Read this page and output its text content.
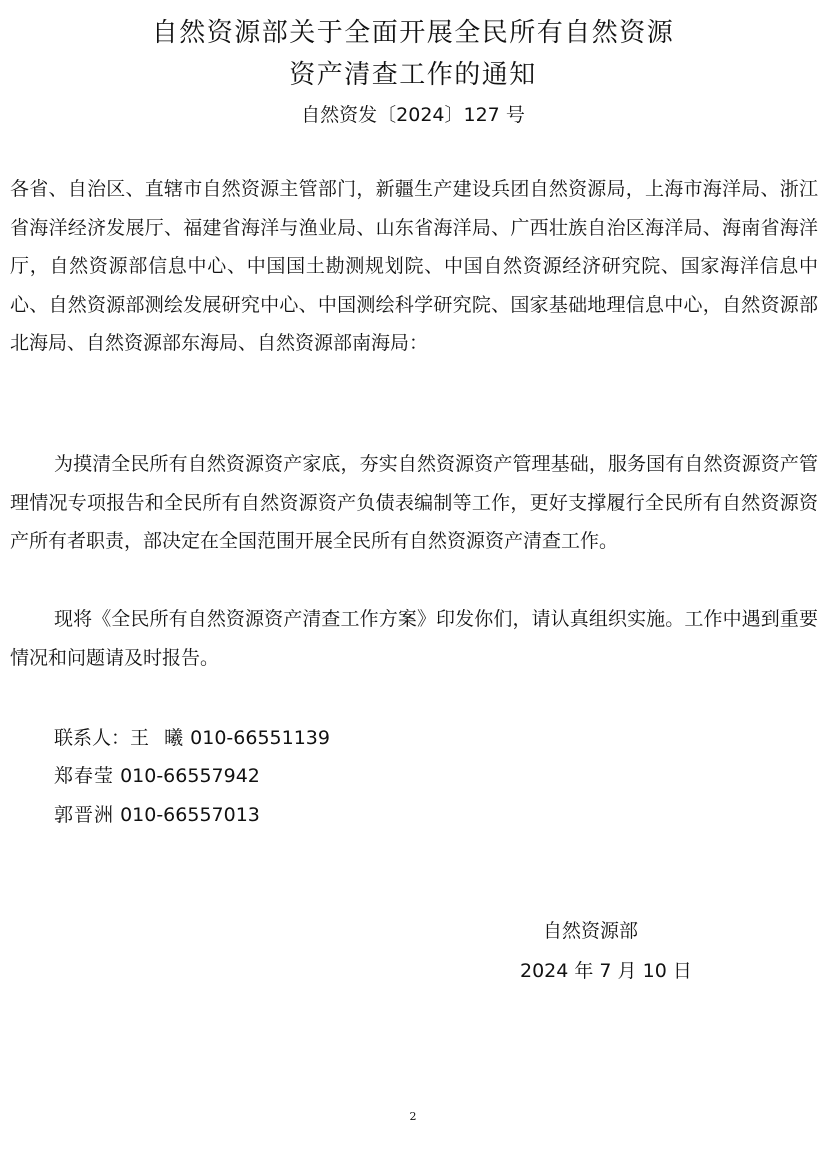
自然资源部关于全面开展全民所有自然资源
资产清查工作的通知
自然资发〔2024〕127 号

各省、自治区、直辖市自然资源主管部门，新疆生产建设兵团自然资源局，上海市海洋局、浙江省海洋经济发展厅、福建省海洋与渔业局、山东省海洋局、广西壮族自治区海洋局、海南省海洋厅，自然资源部信息中心、中国国土勘测规划院、中国自然资源经济研究院、国家海洋信息中心、自然资源部测绘发展研究中心、中国测绘科学研究院、国家基础地理信息中心，自然资源部北海局、自然资源部东海局、自然资源部南海局：

为摸清全民所有自然资源资产家底，夯实自然资源资产管理基础，服务国有自然资源资产管理情况专项报告和全民所有自然资源资产负债表编制等工作，更好支撑履行全民所有自然资源资产所有者职责，部决定在全国范围开展全民所有自然资源资产清查工作。

现将《全民所有自然资源资产清查工作方案》印发你们，请认真组织实施。工作中遇到重要情况和问题请及时报告。

联系人：王  曦 010-66551139
郑春莹 010-66557942
郭晋洲 010-66557013
自然资源部
2024 年 7 月 10 日
2
